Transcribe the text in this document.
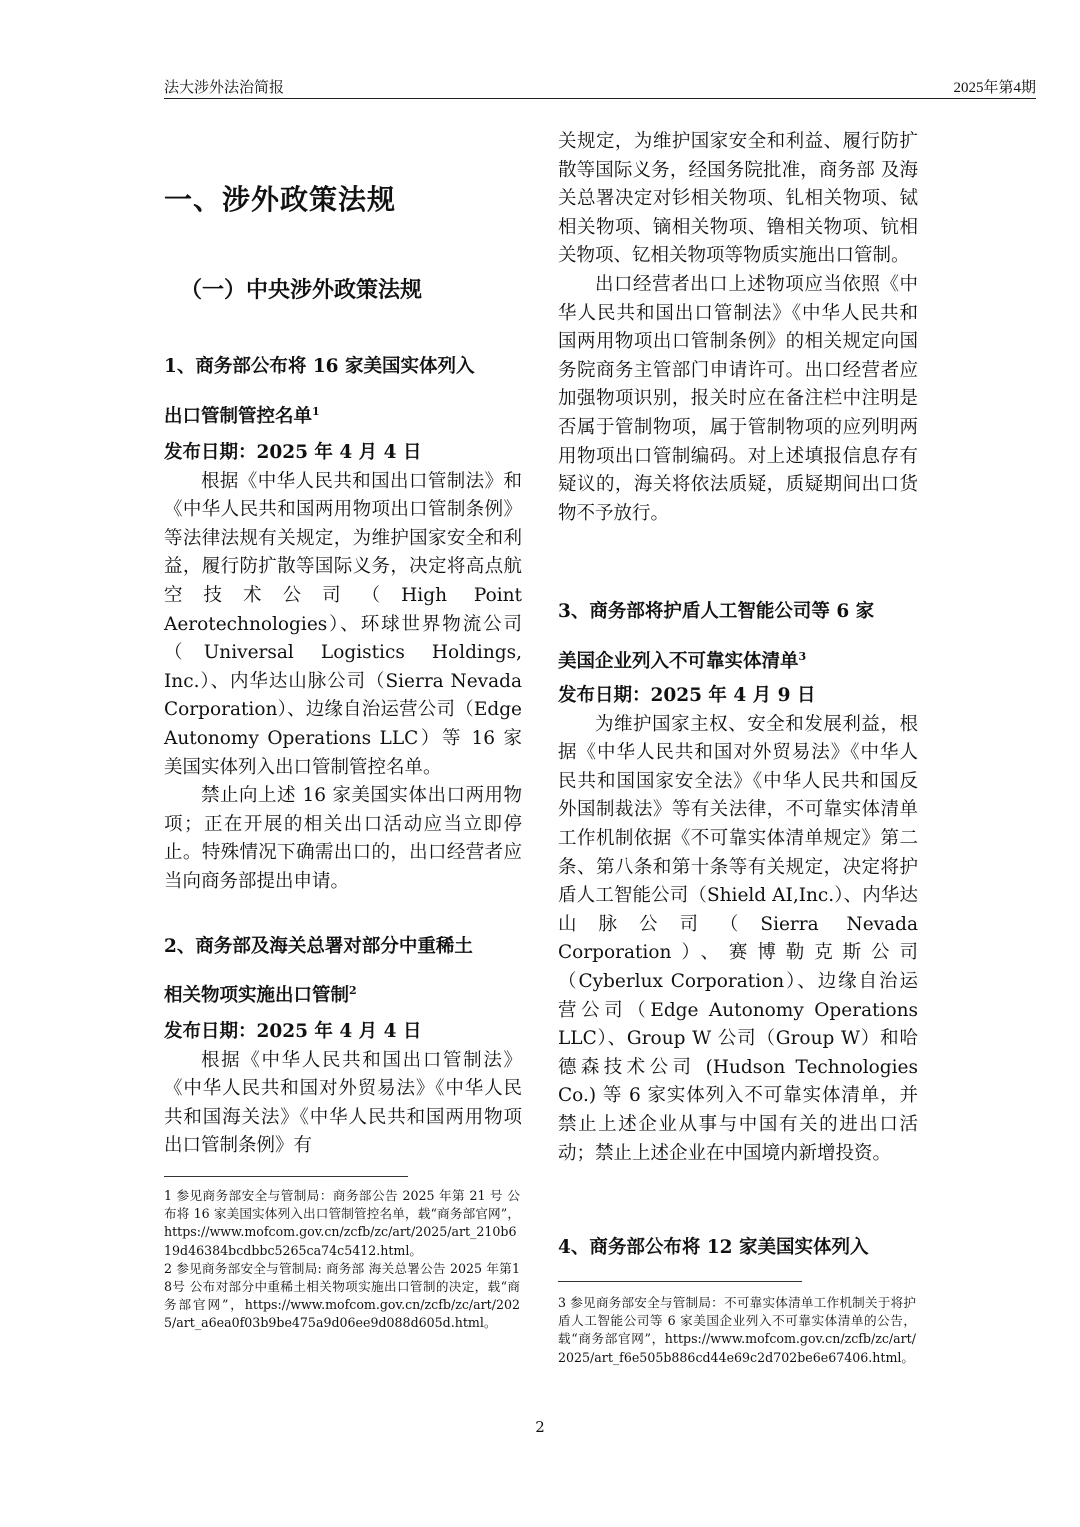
法大涉外法治简报	2025年第4期
一、涉外政策法规
（一）中央涉外政策法规
1、商务部公布将 16 家美国实体列入
出口管制管控名单$^1$

发布日期：2025 年 4 月 4 日

根据《中华人民共和国出口管制法》和《中华人民共和国两用物项出口管制条例》等法律法规有关规定，为维护国家安全和利益，履行防扩散等国际义务，决定将高点航空技术公司（High Point Aerotechnologies）、环球世界物流公司（Universal Logistics Holdings, Inc.）、内华达山脉公司（Sierra Nevada Corporation）、边缘自治运营公司（Edge Autonomy Operations LLC）等 16 家美国实体列入出口管制管控名单。

禁止向上述 16 家美国实体出口两用物项；正在开展的相关出口活动应当立即停止。特殊情况下确需出口的，出口经营者应当向商务部提出申请。

2、商务部及海关总署对部分中重稀土
相关物项实施出口管制$^2$

发布日期：2025 年 4 月 4 日

根据《中华人民共和国出口管制法》《中华人民共和国对外贸易法》《中华人民共和国海关法》《中华人民共和国两用物项出口管制条例》有

1 参见商务部安全与管制局：商务部公告 2025 年第 21 号 公布将 16 家美国实体列入出口管制管控名单，载“商务部官网”，https://www.mofcom.gov.cn/zcfb/zc/art/2025/art_210b619d46384bcdbbc5265ca74c5412.html。

2 参见商务部安全与管制局: 商务部 海关总署公告 2025 年第18号 公布对部分中重稀土相关物项实施出口管制的决定，载“商务部官网”，https://www.mofcom.gov.cn/zcfb/zc/art/2025/art_a6ea0f03b9be475a9d06ee9d088d605d.html。

关规定，为维护国家安全和利益、履行防扩散等国际义务，经国务院批准，商务部 及海关总署决定对钐相关物项、钆相关物项、铽相关物项、镝相关物项、镥相关物项、钪相关物项、钇相关物项等物质实施出口管制。

出口经营者出口上述物项应当依照《中华人民共和国出口管制法》《中华人民共和国两用物项出口管制条例》的相关规定向国务院商务主管部门申请许可。出口经营者应加强物项识别，报关时应在备注栏中注明是否属于管制物项，属于管制物项的应列明两用物项出口管制编码。对上述填报信息存有疑议的，海关将依法质疑，质疑期间出口货物不予放行。

3、商务部将护盾人工智能公司等 6 家
美国企业列入不可靠实体清单$^3$

发布日期：2025 年 4 月 9 日

为维护国家主权、安全和发展利益，根据《中华人民共和国对外贸易法》《中华人民共和国国家安全法》《中华人民共和国反外国制裁法》等有关法律，不可靠实体清单工作机制依据《不可靠实体清单规定》第二条、第八条和第十条等有关规定，决定将护盾人工智能公司（Shield AI,Inc.）、内华达山脉公司（Sierra Nevada Corporation）、赛博勒克斯公司（Cyberlux Corporation）、边缘自治运营公司（Edge Autonomy Operations LLC）、Group W 公司（Group W）和哈德森技术公司 (Hudson Technologies Co.) 等 6 家实体列入不可靠实体清单，并禁止上述企业从事与中国有关的进出口活动；禁止上述企业在中国境内新增投资。

4、商务部公布将 12 家美国实体列入

3 参见商务部安全与管制局：不可靠实体清单工作机制关于将护盾人工智能公司等 6 家美国企业列入不可靠实体清单的公告，载“商务部官网”，https://www.mofcom.gov.cn/zcfb/zc/art/2025/art_f6e505b886cd44e69c2d702be6e67406.html。

2
